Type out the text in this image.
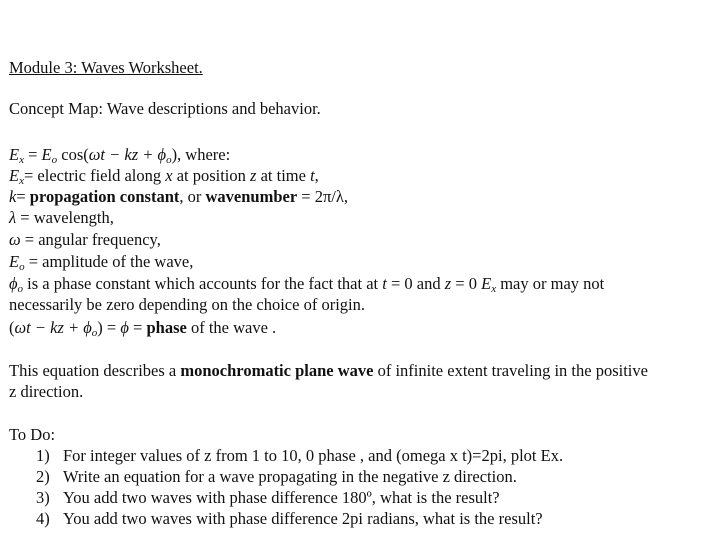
Module 3: Waves Worksheet.
Concept Map: Wave descriptions and behavior.
$E_x = E_o$ cos(ωt − kz + $\phi_o$), where:
$E_x=$ electric field along x at position z at time t,
k= propagation constant, or wavenumber = 2π/λ,
λ = wavelength,
ω = angular frequency,
$E_o$ = amplitude of the wave,
$\phi_o$ is a phase constant which accounts for the fact that at t = 0 and z = 0 $E_x$ may or may not
necessarily be zero depending on the choice of origin.
(ωt − kz + $\phi_o) = \phi$ = phase of the wave .
This equation describes a monochromatic plane wave of infinite extent traveling in the positive
z direction.
To Do:
1) For integer values of z from 1 to 10, 0 phase , and (omega x t)=2pi, plot Ex.
2) Write an equation for a wave propagating in the negative z direction.
3) You add two waves with phase difference 180º, what is the result?
4) You add two waves with phase difference 2pi radians, what is the result?
